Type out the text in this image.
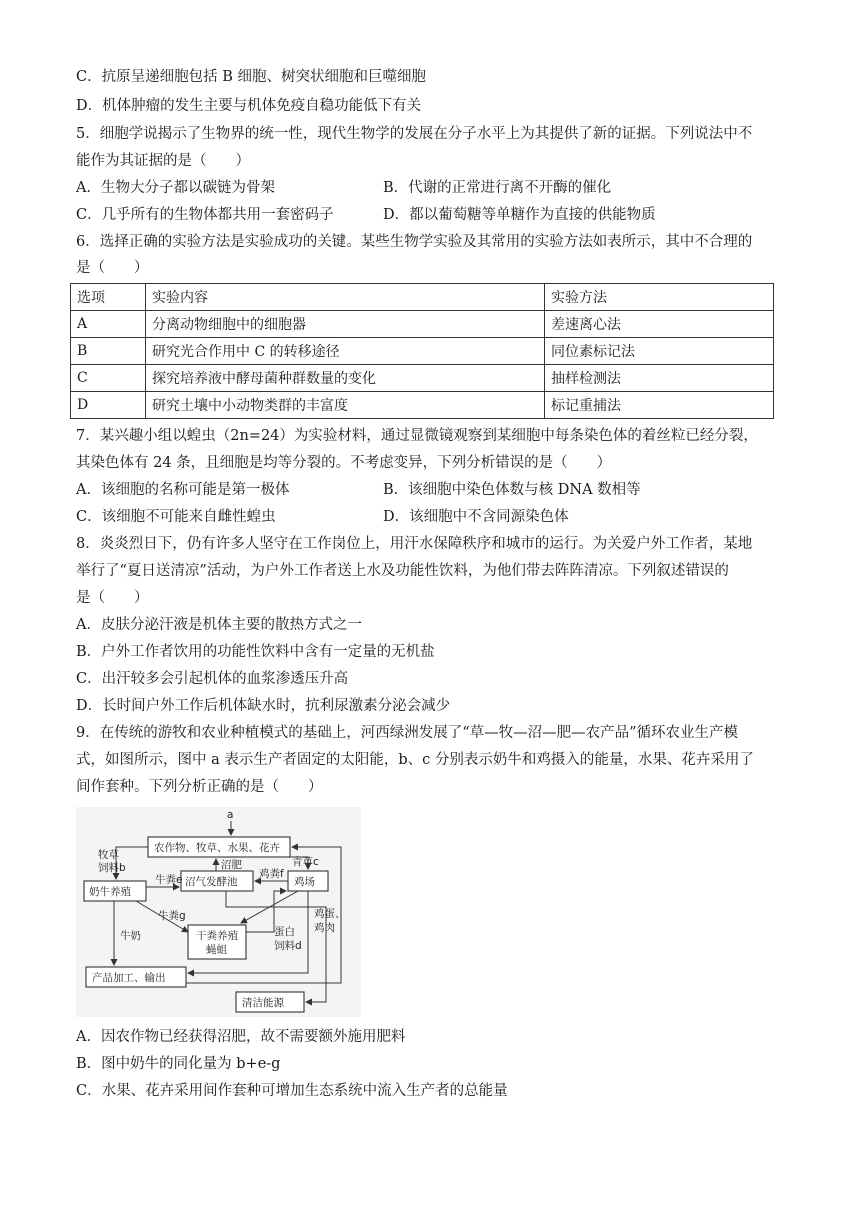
C．抗原呈递细胞包括 B 细胞、树突状细胞和巨噬细胞
D．机体肿瘤的发生主要与机体免疫自稳功能低下有关
5．细胞学说揭示了生物界的统一性，现代生物学的发展在分子水平上为其提供了新的证据。下列说法中不
能作为其证据的是（　　）
A．生物大分子都以碳链为骨架	B．代谢的正常进行离不开酶的催化
C．几乎所有的生物体都共用一套密码子	D．都以葡萄糖等单糖作为直接的供能物质
6．选择正确的实验方法是实验成功的关键。某些生物学实验及其常用的实验方法如表所示，其中不合理的
是（　　）
选项	实验内容	实验方法
A	分离动物细胞中的细胞器	差速离心法
B	研究光合作用中 C 的转移途径	同位素标记法
C	探究培养液中酵母菌种群数量的变化	抽样检测法
D	研究土壤中小动物类群的丰富度	标记重捕法
7．某兴趣小组以蝗虫（2n=24）为实验材料，通过显微镜观察到某细胞中每条染色体的着丝粒已经分裂，
其染色体有 24 条，且细胞是均等分裂的。不考虑变异，下列分析错误的是（　　）
A．该细胞的名称可能是第一极体	B．该细胞中染色体数与核 DNA 数相等
C．该细胞不可能来自雌性蝗虫	D．该细胞中不含同源染色体
8．炎炎烈日下，仍有许多人坚守在工作岗位上，用汗水保障秩序和城市的运行。为关爱户外工作者，某地
举行了“夏日送清凉”活动，为户外工作者送上水及功能性饮料，为他们带去阵阵清凉。下列叙述错误的
是（　　）
A．皮肤分泌汗液是机体主要的散热方式之一
B．户外工作者饮用的功能性饮料中含有一定量的无机盐
C．出汗较多会引起机体的血浆渗透压升高
D．长时间户外工作后机体缺水时，抗利尿激素分泌会减少
9．在传统的游牧和农业种植模式的基础上，河西绿洲发展了“草—牧—沼—肥—农产品”循环农业生产模
式，如图所示，图中 a 表示生产者固定的太阳能，b、c 分别表示奶牛和鸡摄入的能量，水果、花卉采用了
间作套种。下列分析正确的是（　　）
a
农作物、牧草、水果、花卉
牧草
饲料b
奶牛养殖
沼气发酵池
沼肥
鸡场
青草c
鸡粪f
牛粪e
干粪养殖
蝇蛆
牛粪g
蛋白
饲料d
鸡蛋、
鸡肉
牛奶
产品加工、输出
清洁能源
A．因农作物已经获得沼肥，故不需要额外施用肥料
B．图中奶牛的同化量为 b+e-g
C．水果、花卉采用间作套种可增加生态系统中流入生产者的总能量
